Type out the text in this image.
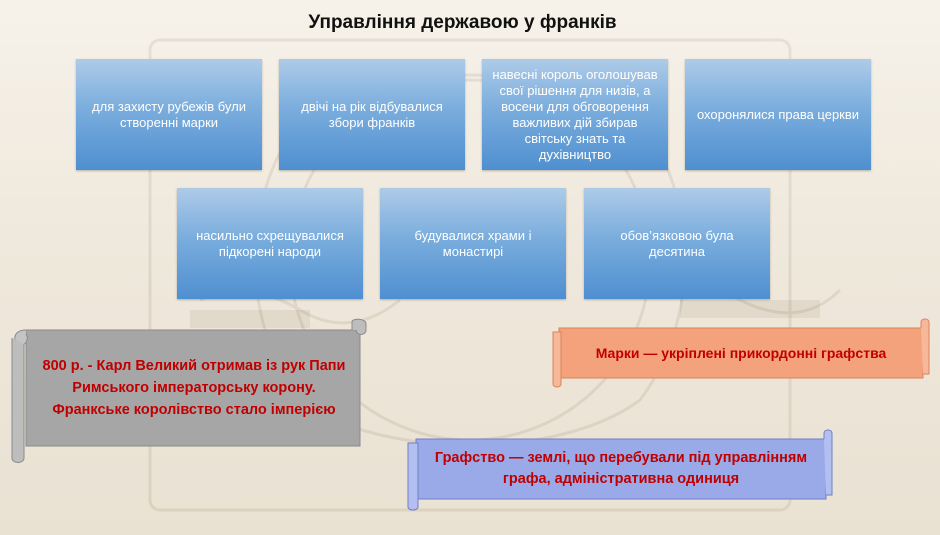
Управління державою у франків
для захисту рубежів були створенні марки
двічі на рік відбувалися збори франків
навесні король оголошував свої рішення для низів, а восени для обговорення важливих дій збирав світську знать та духівництво
охоронялися права церкви
насильно схрещувалися підкорені народи
будувалися храми і монастирі
обов’язковою була десятина
800 р. - Карл Великий отримав із рук Папи Римського імператорську корону. Франкське королівство стало імперією
Марки — укріплені прикордонні графства
Графство — землі, що перебували під управлінням графа, адміністративна одиниця
